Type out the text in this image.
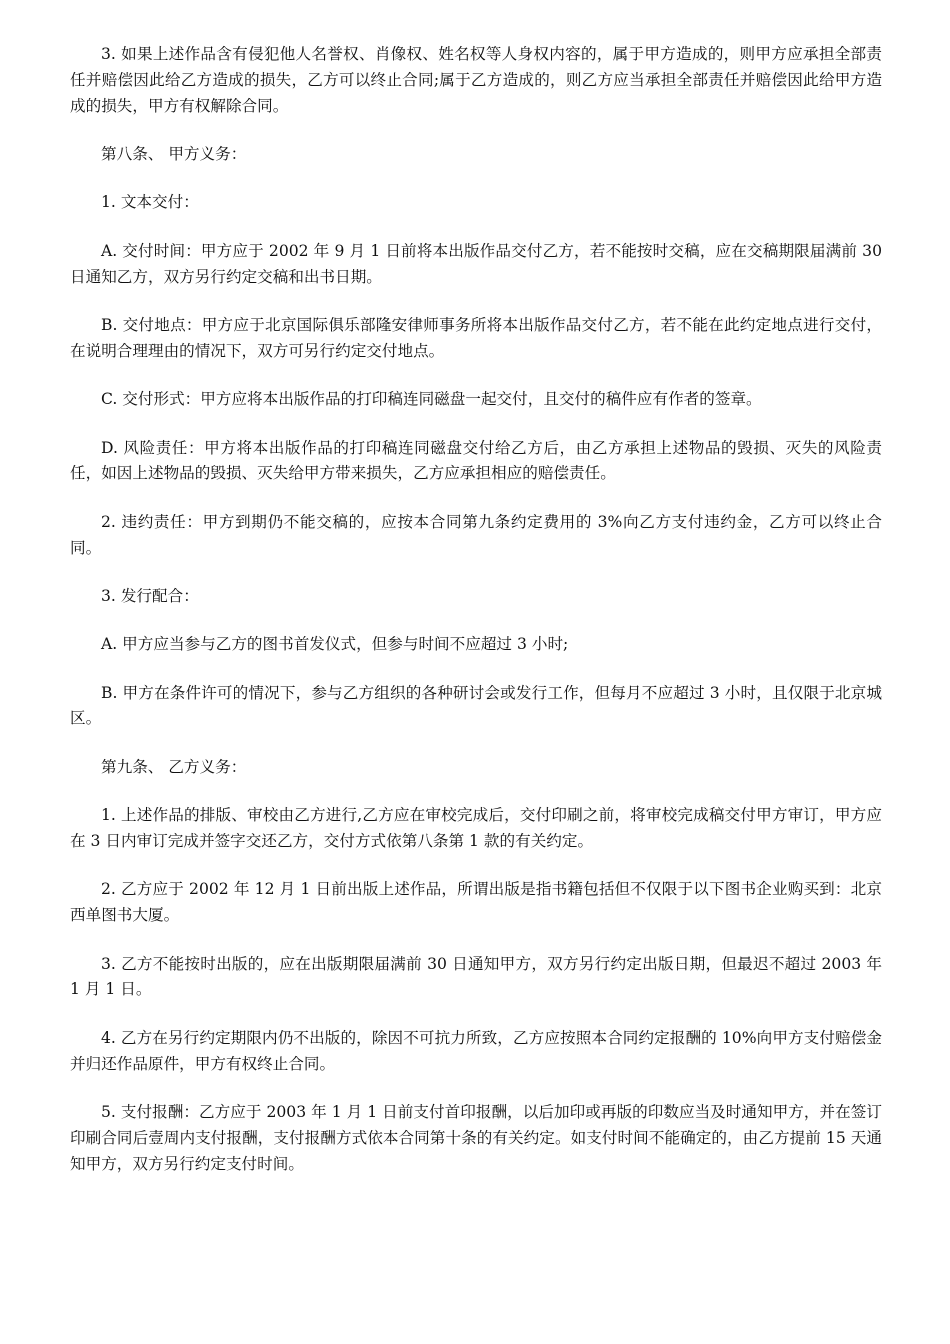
3. 如果上述作品含有侵犯他人名誉权、肖像权、姓名权等人身权内容的，属于甲方造成的，则甲方应承担全部责任并赔偿因此给乙方造成的损失，乙方可以终止合同;属于乙方造成的，则乙方应当承担全部责任并赔偿因此给甲方造成的损失，甲方有权解除合同。

第八条、 甲方义务：

1. 文本交付：

A. 交付时间：甲方应于 2002 年 9 月 1 日前将本出版作品交付乙方，若不能按时交稿，应在交稿期限届满前 30 日通知乙方，双方另行约定交稿和出书日期。

B. 交付地点：甲方应于北京国际俱乐部隆安律师事务所将本出版作品交付乙方，若不能在此约定地点进行交付，在说明合理理由的情况下，双方可另行约定交付地点。

C. 交付形式：甲方应将本出版作品的打印稿连同磁盘一起交付，且交付的稿件应有作者的签章。

D. 风险责任：甲方将本出版作品的打印稿连同磁盘交付给乙方后，由乙方承担上述物品的毁损、灭失的风险责任，如因上述物品的毁损、灭失给甲方带来损失，乙方应承担相应的赔偿责任。

2. 违约责任：甲方到期仍不能交稿的，应按本合同第九条约定费用的 3%向乙方支付违约金，乙方可以终止合同。

3. 发行配合：

A. 甲方应当参与乙方的图书首发仪式，但参与时间不应超过 3 小时;

B. 甲方在条件许可的情况下，参与乙方组织的各种研讨会或发行工作，但每月不应超过 3 小时，且仅限于北京城区。

第九条、 乙方义务：

1. 上述作品的排版、审校由乙方进行,乙方应在审校完成后，交付印刷之前，将审校完成稿交付甲方审订，甲方应在 3 日内审订完成并签字交还乙方，交付方式依第八条第 1 款的有关约定。

2. 乙方应于 2002 年 12 月 1 日前出版上述作品，所谓出版是指书籍包括但不仅限于以下图书企业购买到：北京西单图书大厦。

3. 乙方不能按时出版的，应在出版期限届满前 30 日通知甲方，双方另行约定出版日期，但最迟不超过 2003 年 1 月 1 日。

4. 乙方在另行约定期限内仍不出版的，除因不可抗力所致，乙方应按照本合同约定报酬的 10%向甲方支付赔偿金并归还作品原件，甲方有权终止合同。

5. 支付报酬：乙方应于 2003 年 1 月 1 日前支付首印报酬，以后加印或再版的印数应当及时通知甲方，并在签订印刷合同后壹周内支付报酬，支付报酬方式依本合同第十条的有关约定。如支付时间不能确定的，由乙方提前 15 天通知甲方，双方另行约定支付时间。
